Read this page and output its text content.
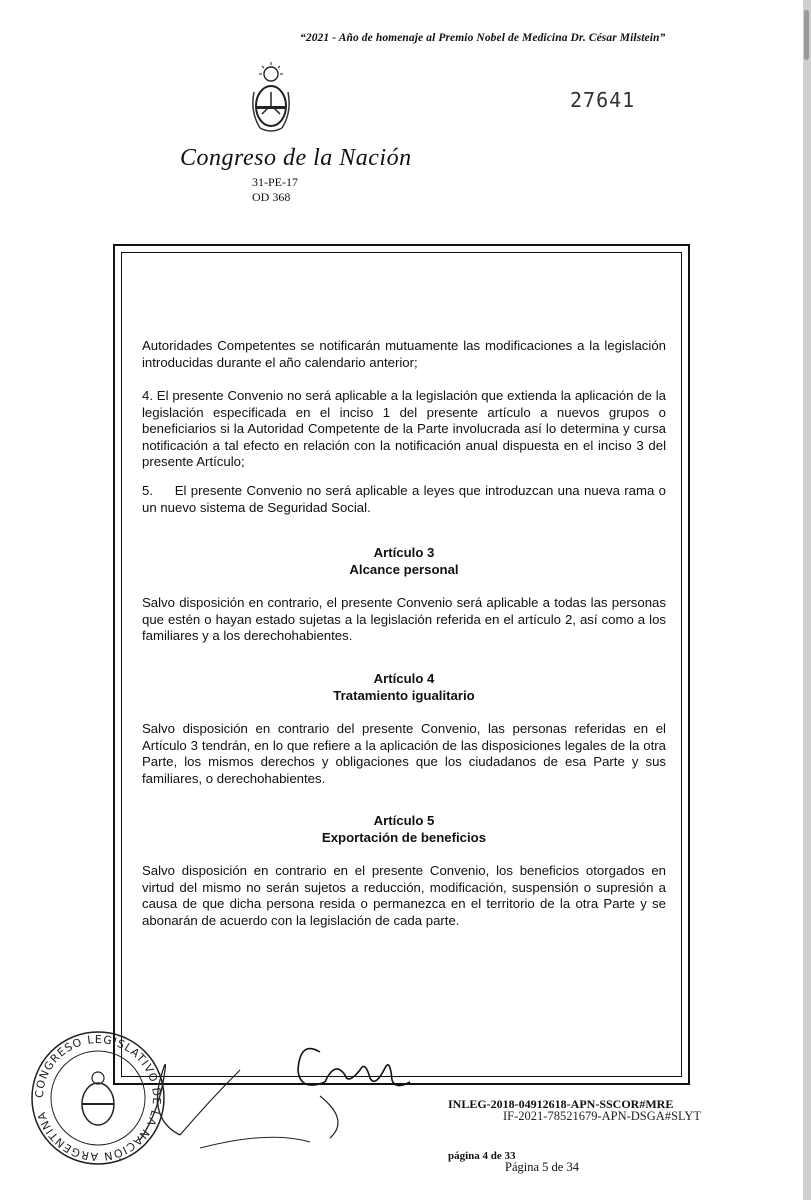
“2021 - Año de homenaje al Premio Nobel de Medicina Dr. César Milstein”
27641
Congreso de la Nación
31-PE-17
OD 368

Autoridades Competentes se notificarán mutuamente las modificaciones a la legislación introducidas durante el año calendario anterior;

4. El presente Convenio no será aplicable a la legislación que extienda la aplicación de la legislación especificada en el inciso 1 del presente artículo a nuevos grupos o beneficiarios si la Autoridad Competente de la Parte involucrada así lo determina y cursa notificación a tal efecto en relación con la notificación anual dispuesta en el inciso 3 del presente Artículo;

5.     El presente Convenio no será aplicable a leyes que introduzcan una nueva rama o un nuevo sistema de Seguridad Social.

Artículo 3

Alcance personal

Salvo disposición en contrario, el presente Convenio será aplicable a todas las personas que estén o hayan estado sujetas a la legislación referida en el artículo 2, así como a los familiares y a los derechohabientes.

Artículo 4

Tratamiento igualitario

Salvo disposición en contrario del presente Convenio, las personas referidas en el Artículo 3 tendrán, en lo que refiere a la aplicación de las disposiciones legales de la otra Parte, los mismos derechos y obligaciones que los ciudadanos de esa Parte y sus familiares, o derechohabientes.

Artículo 5

Exportación de beneficios

Salvo disposición en contrario en el presente Convenio, los beneficios otorgados en virtud del mismo no serán sujetos a reducción, modificación, suspensión o supresión a causa de que dicha persona resida o permanezca en el territorio de la otra Parte y se abonarán de acuerdo con la legislación de cada parte.

CONGRESO LEGISLATIVO DE LA NACIÓN ARGENTINA
INLEG-2018-04912618-APN-SSCOR#MRE
IF-2021-78521679-APN-DSGA#SLYT
página 4 de 33
Página 5 de 34
